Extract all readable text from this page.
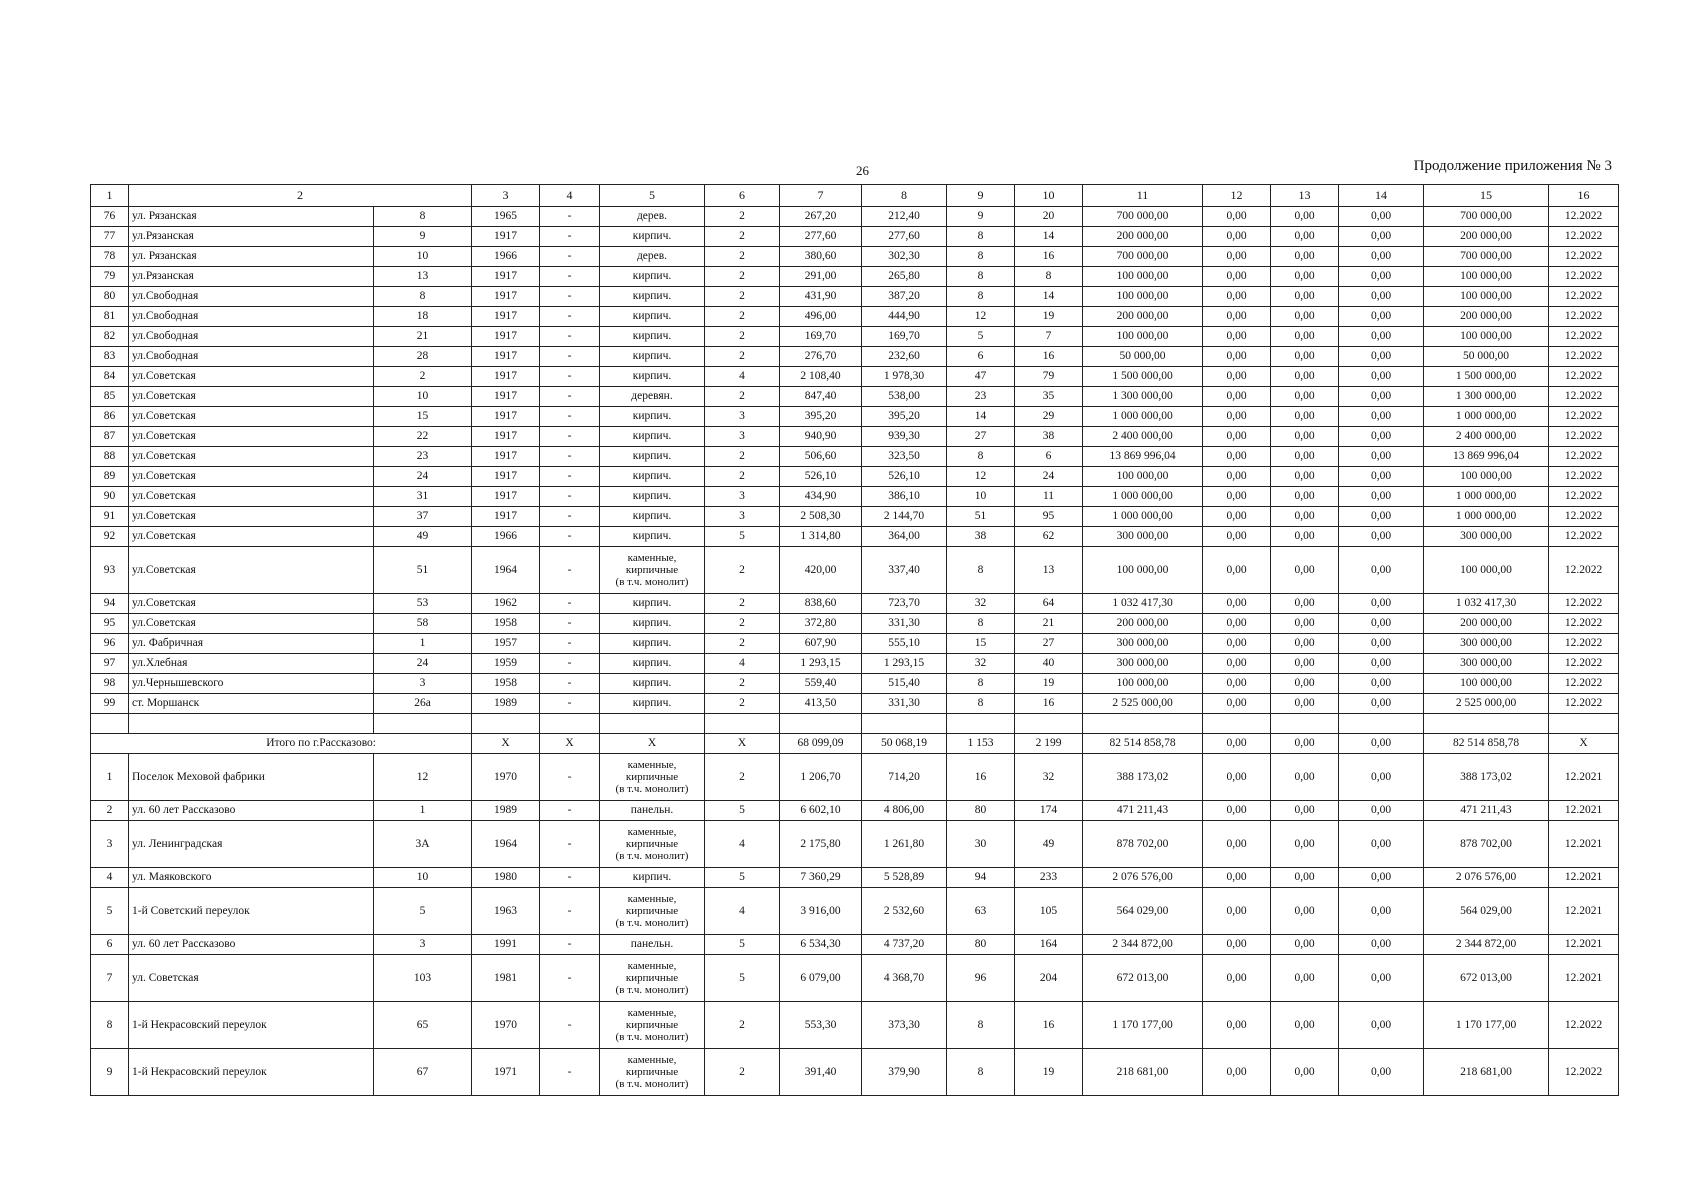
26	Продолжение приложения № 3
1	2		3	4	5	6	7	8	9	10	11	12	13	14	15	16
76	ул. Рязанская	8	1965	-	дерев.	2	267,20	212,40	9	20	700 000,00	0,00	0,00	0,00	700 000,00	12.2022
77	ул.Рязанская	9	1917	-	кирпич.	2	277,60	277,60	8	14	200 000,00	0,00	0,00	0,00	200 000,00	12.2022
78	ул. Рязанская	10	1966	-	дерев.	2	380,60	302,30	8	16	700 000,00	0,00	0,00	0,00	700 000,00	12.2022
79	ул.Рязанская	13	1917	-	кирпич.	2	291,00	265,80	8	8	100 000,00	0,00	0,00	0,00	100 000,00	12.2022
80	ул.Свободная	8	1917	-	кирпич.	2	431,90	387,20	8	14	100 000,00	0,00	0,00	0,00	100 000,00	12.2022
81	ул.Свободная	18	1917	-	кирпич.	2	496,00	444,90	12	19	200 000,00	0,00	0,00	0,00	200 000,00	12.2022
82	ул.Свободная	21	1917	-	кирпич.	2	169,70	169,70	5	7	100 000,00	0,00	0,00	0,00	100 000,00	12.2022
83	ул.Свободная	28	1917	-	кирпич.	2	276,70	232,60	6	16	50 000,00	0,00	0,00	0,00	50 000,00	12.2022
84	ул.Советская	2	1917	-	кирпич.	4	2 108,40	1 978,30	47	79	1 500 000,00	0,00	0,00	0,00	1 500 000,00	12.2022
85	ул.Советская	10	1917	-	деревян.	2	847,40	538,00	23	35	1 300 000,00	0,00	0,00	0,00	1 300 000,00	12.2022
86	ул.Советская	15	1917	-	кирпич.	3	395,20	395,20	14	29	1 000 000,00	0,00	0,00	0,00	1 000 000,00	12.2022
87	ул.Советская	22	1917	-	кирпич.	3	940,90	939,30	27	38	2 400 000,00	0,00	0,00	0,00	2 400 000,00	12.2022
88	ул.Советская	23	1917	-	кирпич.	2	506,60	323,50	8	6	13 869 996,04	0,00	0,00	0,00	13 869 996,04	12.2022
89	ул.Советская	24	1917	-	кирпич.	2	526,10	526,10	12	24	100 000,00	0,00	0,00	0,00	100 000,00	12.2022
90	ул.Советская	31	1917	-	кирпич.	3	434,90	386,10	10	11	1 000 000,00	0,00	0,00	0,00	1 000 000,00	12.2022
91	ул.Советская	37	1917	-	кирпич.	3	2 508,30	2 144,70	51	95	1 000 000,00	0,00	0,00	0,00	1 000 000,00	12.2022
92	ул.Советская	49	1966	-	кирпич.	5	1 314,80	364,00	38	62	300 000,00	0,00	0,00	0,00	300 000,00	12.2022
93	ул.Советская	51	1964	-	каменные,
кирпичные
(в т.ч. монолит)	2	420,00	337,40	8	13	100 000,00	0,00	0,00	0,00	100 000,00	12.2022
94	ул.Советская	53	1962	-	кирпич.	2	838,60	723,70	32	64	1 032 417,30	0,00	0,00	0,00	1 032 417,30	12.2022
95	ул.Советская	58	1958	-	кирпич.	2	372,80	331,30	8	21	200 000,00	0,00	0,00	0,00	200 000,00	12.2022
96	ул. Фабричная	1	1957	-	кирпич.	2	607,90	555,10	15	27	300 000,00	0,00	0,00	0,00	300 000,00	12.2022
97	ул.Хлебная	24	1959	-	кирпич.	4	1 293,15	1 293,15	32	40	300 000,00	0,00	0,00	0,00	300 000,00	12.2022
98	ул.Чернышевского	3	1958	-	кирпич.	2	559,40	515,40	8	19	100 000,00	0,00	0,00	0,00	100 000,00	12.2022
99	ст. Моршанск	26а	1989	-	кирпич.	2	413,50	331,30	8	16	2 525 000,00	0,00	0,00	0,00	2 525 000,00	12.2022

Итого по г.Рассказово:			X	X	X	X	68 099,09	50 068,19	1 153	2 199	82 514 858,78	0,00	0,00	0,00	82 514 858,78	X
1	Поселок Меховой фабрики	12	1970	-	каменные,
кирпичные
(в т.ч. монолит)	2	1 206,70	714,20	16	32	388 173,02	0,00	0,00	0,00	388 173,02	12.2021
2	ул. 60 лет Рассказово	1	1989	-	панельн.	5	6 602,10	4 806,00	80	174	471 211,43	0,00	0,00	0,00	471 211,43	12.2021
3	ул. Ленинградская	3А	1964	-	каменные,
кирпичные
(в т.ч. монолит)	4	2 175,80	1 261,80	30	49	878 702,00	0,00	0,00	0,00	878 702,00	12.2021
4	ул. Маяковского	10	1980	-	кирпич.	5	7 360,29	5 528,89	94	233	2 076 576,00	0,00	0,00	0,00	2 076 576,00	12.2021
5	1-й Советский переулок	5	1963	-	каменные,
кирпичные
(в т.ч. монолит)	4	3 916,00	2 532,60	63	105	564 029,00	0,00	0,00	0,00	564 029,00	12.2021
6	ул. 60 лет Рассказово	3	1991	-	панельн.	5	6 534,30	4 737,20	80	164	2 344 872,00	0,00	0,00	0,00	2 344 872,00	12.2021
7	ул. Советская	103	1981	-	каменные,
кирпичные
(в т.ч. монолит)	5	6 079,00	4 368,70	96	204	672 013,00	0,00	0,00	0,00	672 013,00	12.2021
8	1-й Некрасовский переулок	65	1970	-	каменные,
кирпичные
(в т.ч. монолит)	2	553,30	373,30	8	16	1 170 177,00	0,00	0,00	0,00	1 170 177,00	12.2022
9	1-й Некрасовский переулок	67	1971	-	каменные,
кирпичные
(в т.ч. монолит)	2	391,40	379,90	8	19	218 681,00	0,00	0,00	0,00	218 681,00	12.2022
